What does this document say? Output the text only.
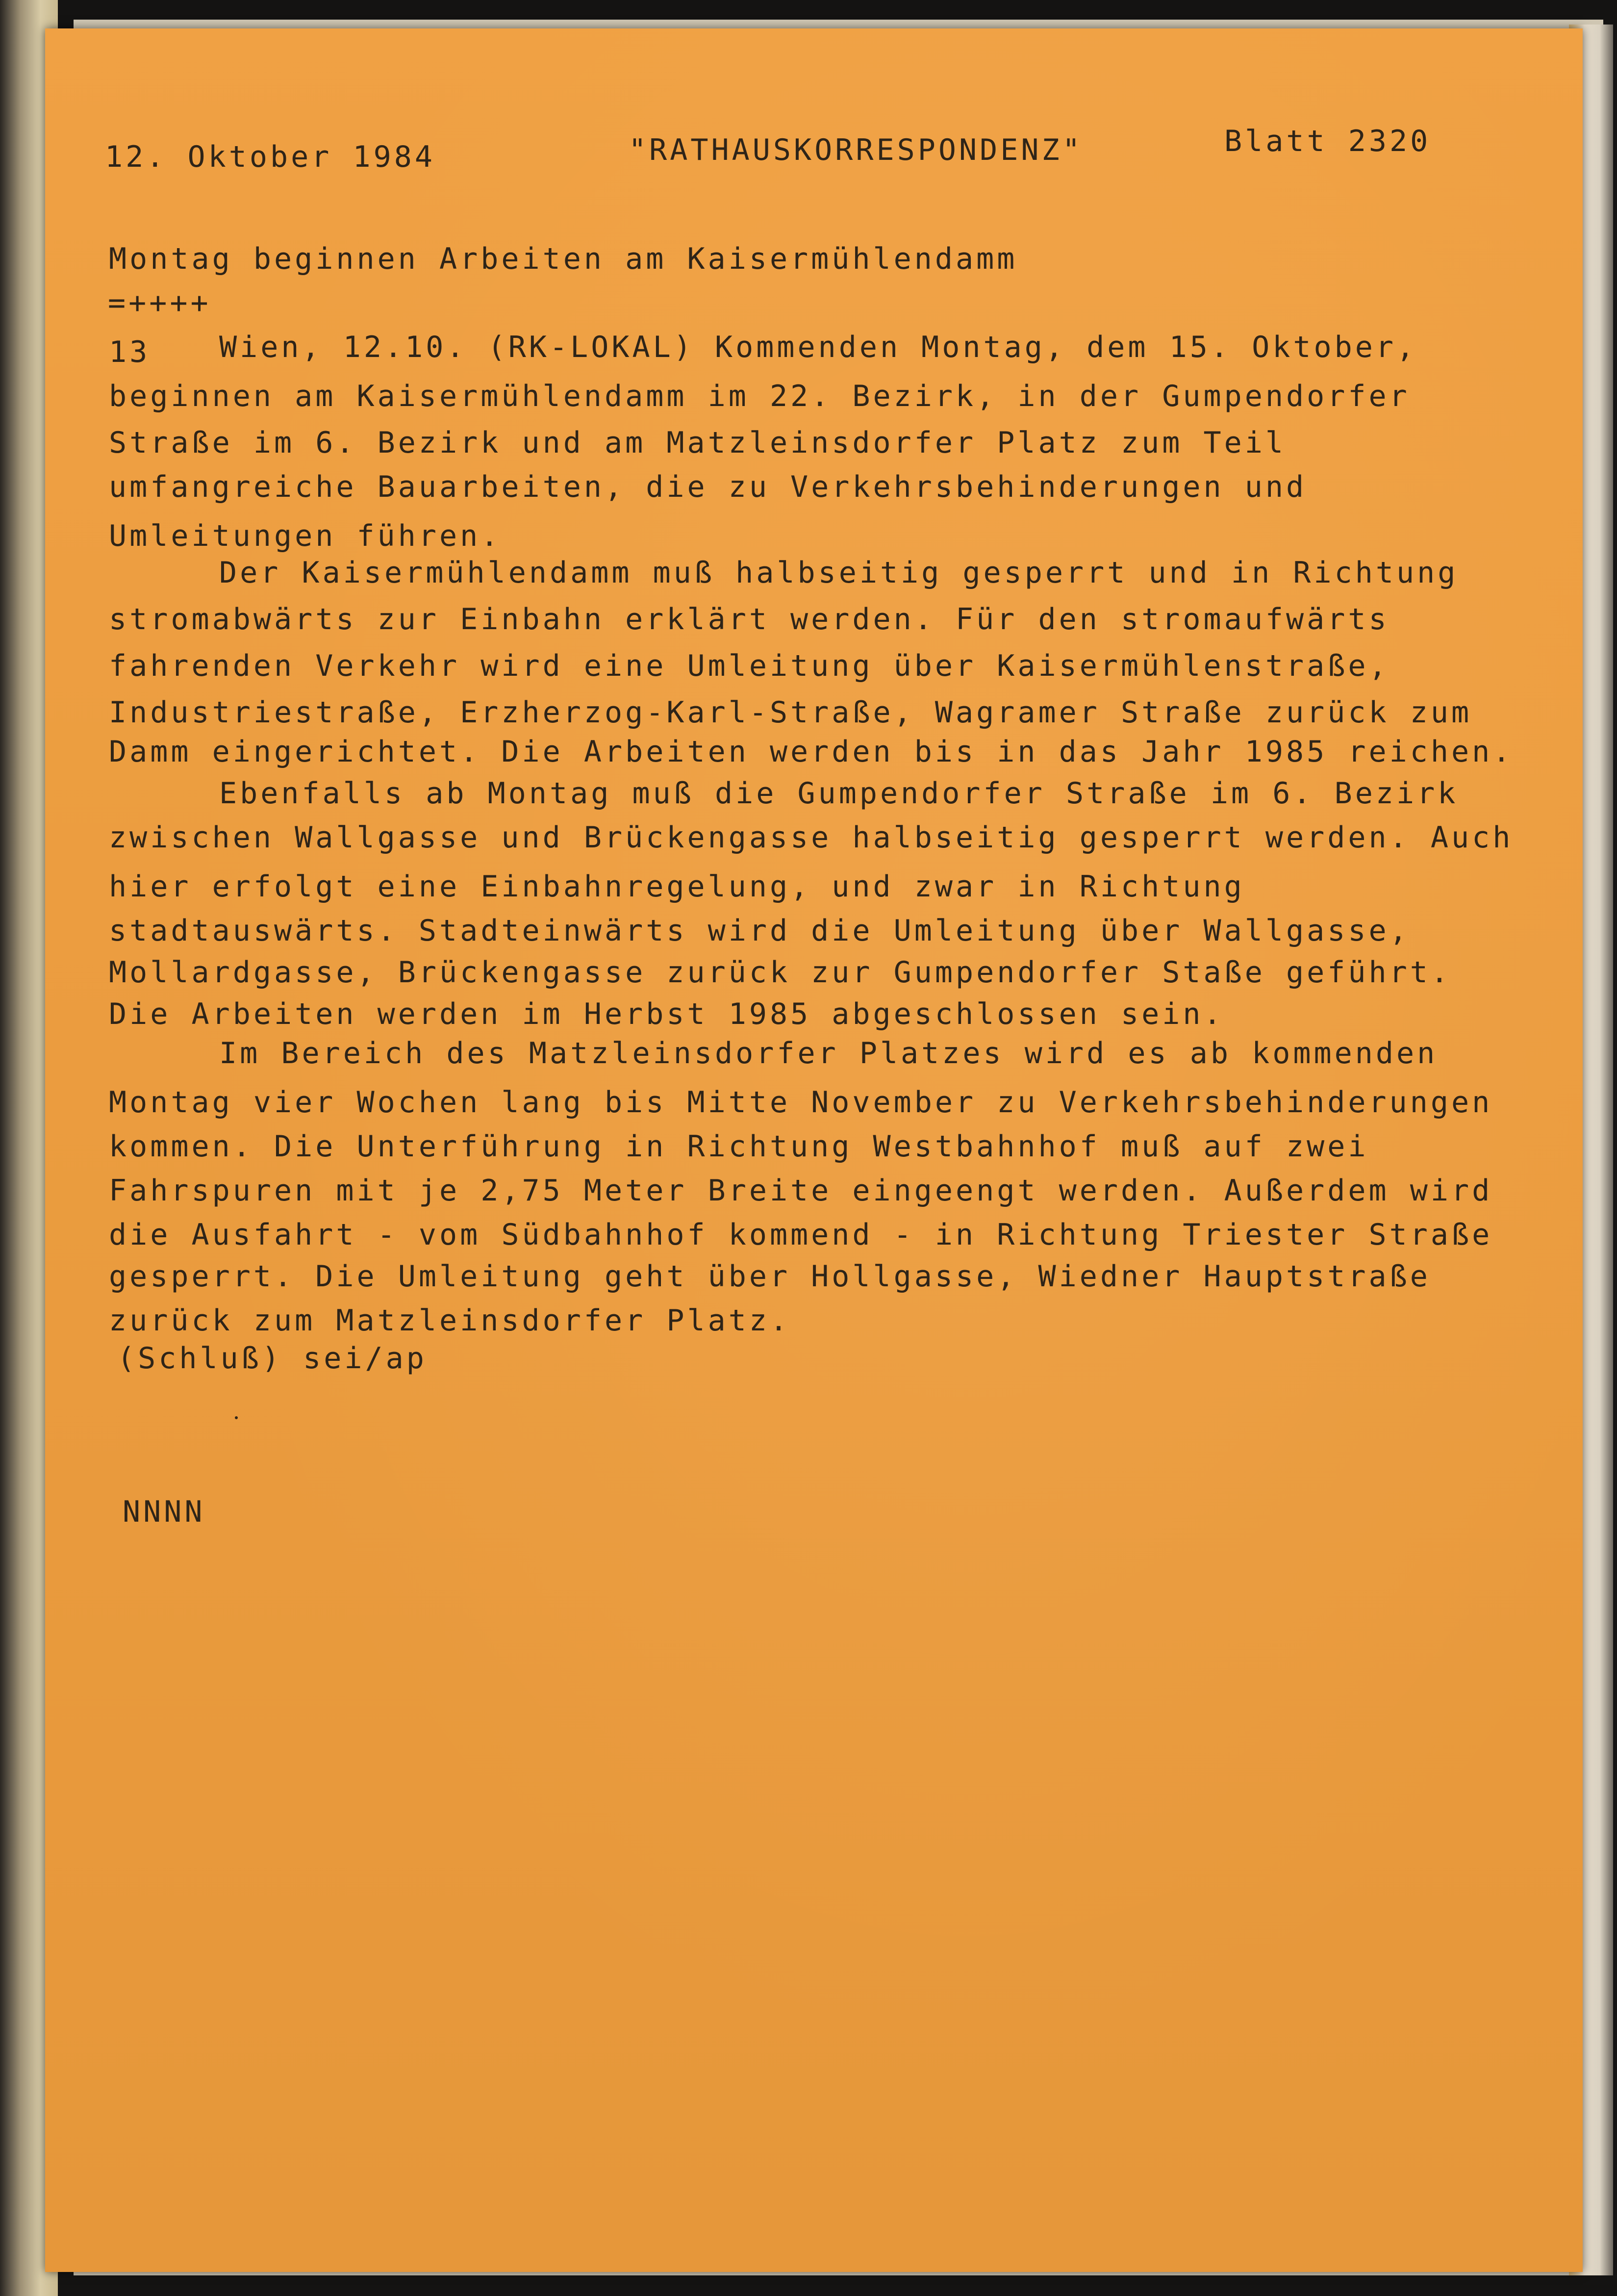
12. Oktober 1984	"RATHAUSKORRESPONDENZ"	Blatt 2320

Montag beginnen Arbeiten am Kaisermühlendamm

=++++

13 Wien, 12.10. (RK-LOKAL) Kommenden Montag, dem 15. Oktober,

beginnen am Kaisermühlendamm im 22. Bezirk, in der Gumpendorfer

Straße im 6. Bezirk und am Matzleinsdorfer Platz zum Teil

umfangreiche Bauarbeiten, die zu Verkehrsbehinderungen und

Umleitungen führen.

Der Kaisermühlendamm muß halbseitig gesperrt und in Richtung

stromabwärts zur Einbahn erklärt werden. Für den stromaufwärts

fahrenden Verkehr wird eine Umleitung über Kaisermühlenstraße,

Industriestraße, Erzherzog-Karl-Straße, Wagramer Straße zurück zum

Damm eingerichtet. Die Arbeiten werden bis in das Jahr 1985 reichen.

Ebenfalls ab Montag muß die Gumpendorfer Straße im 6. Bezirk

zwischen Wallgasse und Brückengasse halbseitig gesperrt werden. Auch

hier erfolgt eine Einbahnregelung, und zwar in Richtung

stadtauswärts. Stadteinwärts wird die Umleitung über Wallgasse,

Mollardgasse, Brückengasse zurück zur Gumpendorfer Staße geführt.

Die Arbeiten werden im Herbst 1985 abgeschlossen sein.

Im Bereich des Matzleinsdorfer Platzes wird es ab kommenden

Montag vier Wochen lang bis Mitte November zu Verkehrsbehinderungen

kommen. Die Unterführung in Richtung Westbahnhof muß auf zwei

Fahrspuren mit je 2,75 Meter Breite eingeengt werden. Außerdem wird

die Ausfahrt - vom Südbahnhof kommend - in Richtung Triester Straße

gesperrt. Die Umleitung geht über Hollgasse, Wiedner Hauptstraße

zurück zum Matzleinsdorfer Platz.

(Schluß) sei/ap

NNNN
